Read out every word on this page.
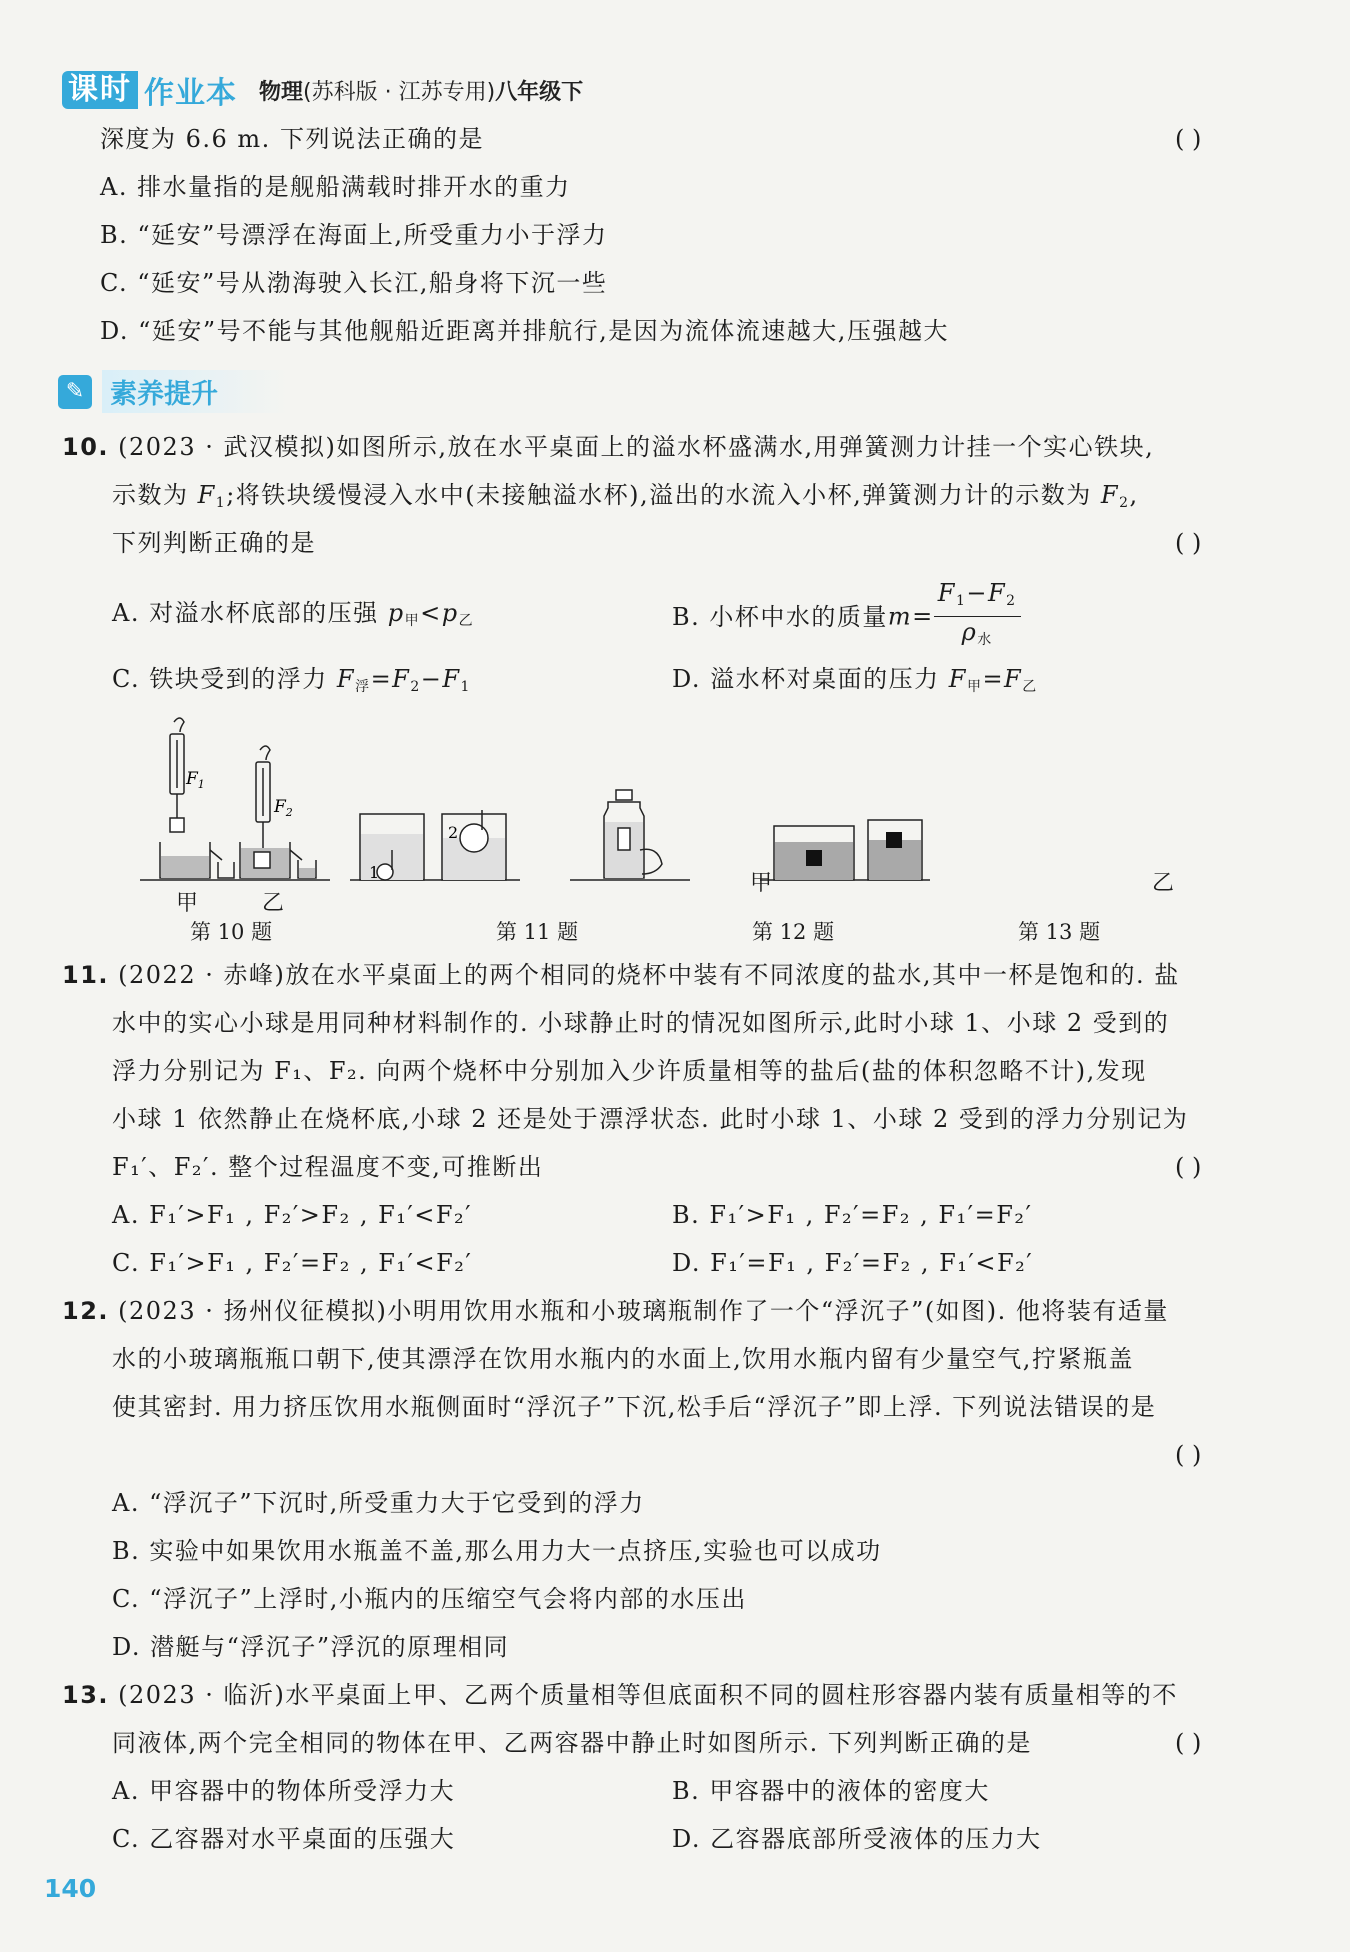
课时 作业本 物理(苏科版 · 江苏专用)八年级下
深度为 6.6 m. 下列说法正确的是	( )
A. 排水量指的是舰船满载时排开水的重力
B. “延安”号漂浮在海面上,所受重力小于浮力
C. “延安”号从渤海驶入长江,船身将下沉一些
D. “延安”号不能与其他舰船近距离并排航行,是因为流体流速越大,压强越大
✎ 素养提升
10. (2023 · 武汉模拟)如图所示,放在水平桌面上的溢水杯盛满水,用弹簧测力计挂一个实心铁块,
示数为 $F_1$;将铁块缓慢浸入水中(未接触溢水杯),溢出的水流入小杯,弹簧测力计的示数为 $F_2$,
下列判断正确的是	( )
A. 对溢水杯底部的压强 $p_甲<p_乙$	B. 小杯中水的质量$m= \frac{F_1-F_2}{\rho_水}$
C. 铁块受到的浮力 $F_浮=F_2-F_1$	D. 溢水杯对桌面的压力 $F_甲=F_乙$
$F_1$
$F_2$
1
2
甲	乙
甲	乙
第 10 题	第 11 题	第 12 题	第 13 题
11. (2022 · 赤峰)放在水平桌面上的两个相同的烧杯中装有不同浓度的盐水,其中一杯是饱和的. 盐
水中的实心小球是用同种材料制作的. 小球静止时的情况如图所示,此时小球 1、小球 2 受到的
浮力分别记为 F₁、F₂. 向两个烧杯中分别加入少许质量相等的盐后(盐的体积忽略不计),发现
小球 1 依然静止在烧杯底,小球 2 还是处于漂浮状态. 此时小球 1、小球 2 受到的浮力分别记为
F₁′、F₂′. 整个过程温度不变,可推断出	( )
A. F₁′>F₁ , F₂′>F₂ , F₁′<F₂′	B. F₁′>F₁ , F₂′=F₂ , F₁′=F₂′
C. F₁′>F₁ , F₂′=F₂ , F₁′<F₂′	D. F₁′=F₁ , F₂′=F₂ , F₁′<F₂′
12. (2023 · 扬州仪征模拟)小明用饮用水瓶和小玻璃瓶制作了一个“浮沉子”(如图). 他将装有适量
水的小玻璃瓶瓶口朝下,使其漂浮在饮用水瓶内的水面上,饮用水瓶内留有少量空气,拧紧瓶盖
使其密封. 用力挤压饮用水瓶侧面时“浮沉子”下沉,松手后“浮沉子”即上浮. 下列说法错误的是
( )
A. “浮沉子”下沉时,所受重力大于它受到的浮力
B. 实验中如果饮用水瓶盖不盖,那么用力大一点挤压,实验也可以成功
C. “浮沉子”上浮时,小瓶内的压缩空气会将内部的水压出
D. 潜艇与“浮沉子”浮沉的原理相同
13. (2023 · 临沂)水平桌面上甲、乙两个质量相等但底面积不同的圆柱形容器内装有质量相等的不
同液体,两个完全相同的物体在甲、乙两容器中静止时如图所示. 下列判断正确的是	( )
A. 甲容器中的物体所受浮力大	B. 甲容器中的液体的密度大
C. 乙容器对水平桌面的压强大	D. 乙容器底部所受液体的压力大
140
